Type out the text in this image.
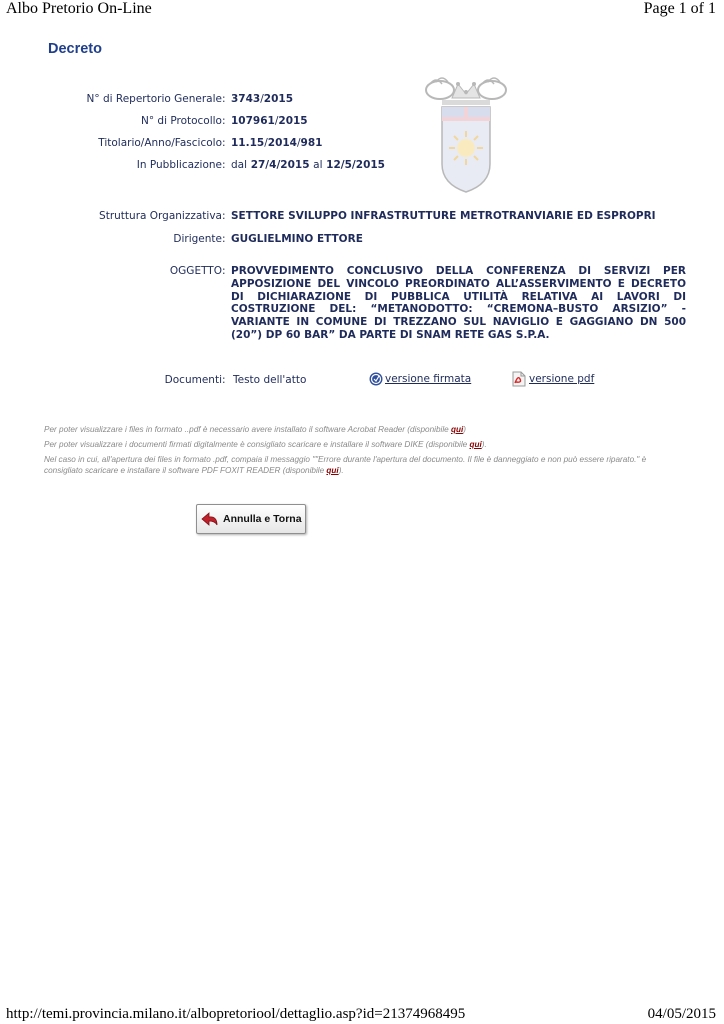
Albo Pretorio On-Line	Page 1 of 1
Decreto
N° di Repertorio Generale : 3743/2015
N° di Protocollo : 107961/2015
Titolario/Anno/Fascicolo : 11.15/2014/981
In Pubblicazione : dal 27/4/2015 al 12/5/2015
Struttura Organizzativa : SETTORE SVILUPPO INFRASTRUTTURE METROTRANVIARIE ED ESPROPRI
Dirigente : GUGLIELMINO ETTORE
OGGETTO : PROVVEDIMENTO CONCLUSIVO DELLA CONFERENZA DI SERVIZI PER APPOSIZIONE DEL VINCOLO PREORDINATO ALL’ASSERVIMENTO E DECRETO DI DICHIARAZIONE DI PUBBLICA UTILITÀ RELATIVA AI LAVORI DI COSTRUZIONE DEL: “METANODOTTO: “CREMONA–BUSTO ARSIZIO” - VARIANTE IN COMUNE DI TREZZANO SUL NAVIGLIO E GAGGIANO DN 500 (20”) DP 60 BAR” DA PARTE DI SNAM RETE GAS S.P.A.
Documenti : Testo dell'atto	versione firmata	versione pdf

Per poter visualizzare i files in formato ..pdf è necessario avere installato il software Acrobat Reader (disponibile qui)

Per poter visualizzare i documenti firmati digitalmente è consigliato scaricare e installare il software DIKE (disponibile qui).

Nel caso in cui, all'apertura dei files in formato .pdf, compaia il messaggio ""Errore durante l'apertura del documento. Il file è danneggiato e non può essere riparato." è consigliato scaricare e installare il software PDF FOXIT READER (disponibile qui).

Annulla e Torna
http://temi.provincia.milano.it/albopretoriool/dettaglio.asp?id=21374968495	04/05/2015
